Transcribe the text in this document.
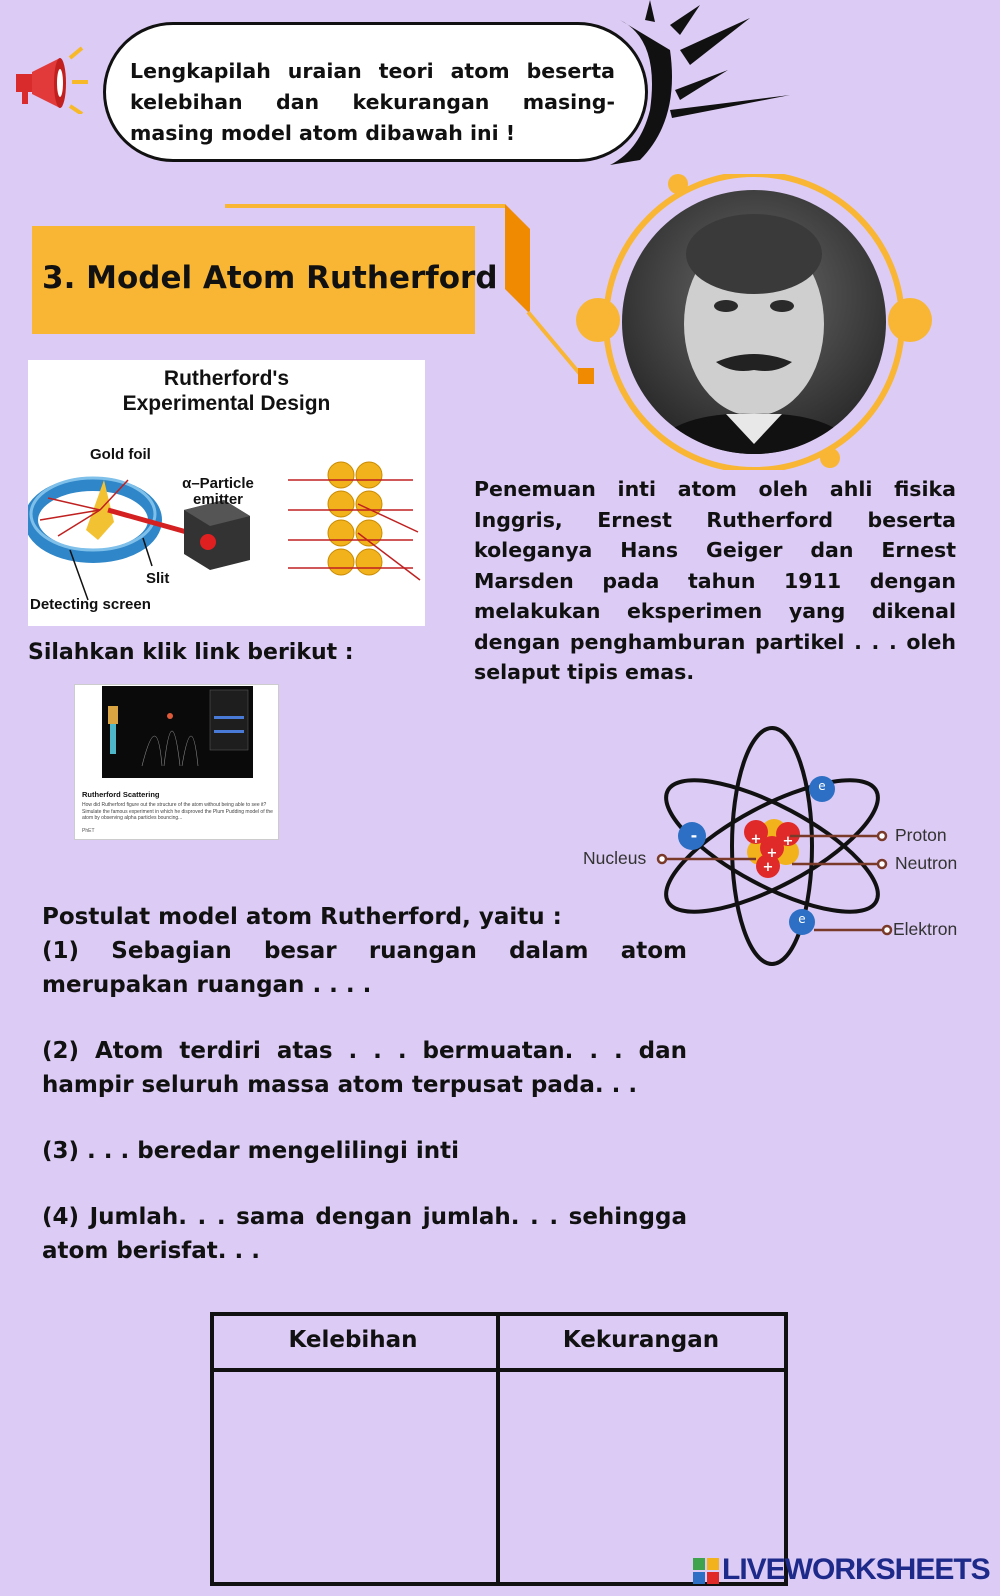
Lengkapilah uraian teori atom beserta kelebihan dan kekurangan masing-masing model atom dibawah ini !
3. Model Atom Rutherford
Rutherford's
Experimental Design
Gold foil
α–Particle
emitter
Slit
Detecting screen
Silahkan klik link berikut :
Rutherford Scattering
How did Rutherford figure out the structure of the atom without being able to see it? Simulate the famous experiment in which he disproved the Plum Pudding model of the atom by observing alpha particles bouncing...
PhET
Penemuan inti atom oleh ahli fisika Inggris, Ernest Rutherford beserta koleganya Hans Geiger dan Ernest Marsden pada tahun 1911 dengan melakukan eksperimen yang dikenal dengan penghamburan partikel . . . oleh selaput tipis emas.
-
e
e
+
+
+
+
Nucleus
Proton
Neutron
Elektron
Postulat model atom Rutherford, yaitu :
(1) Sebagian besar ruangan dalam atom merupakan ruangan . . . .
(2) Atom terdiri atas . . . bermuatan. . . dan hampir seluruh massa atom terpusat pada. . .
(3) . . . beredar mengelilingi inti
(4) Jumlah. . . sama dengan jumlah. . . sehingga atom berisfat. . .
Kelebihan	Kekurangan
LIVEWORKSHEETS
